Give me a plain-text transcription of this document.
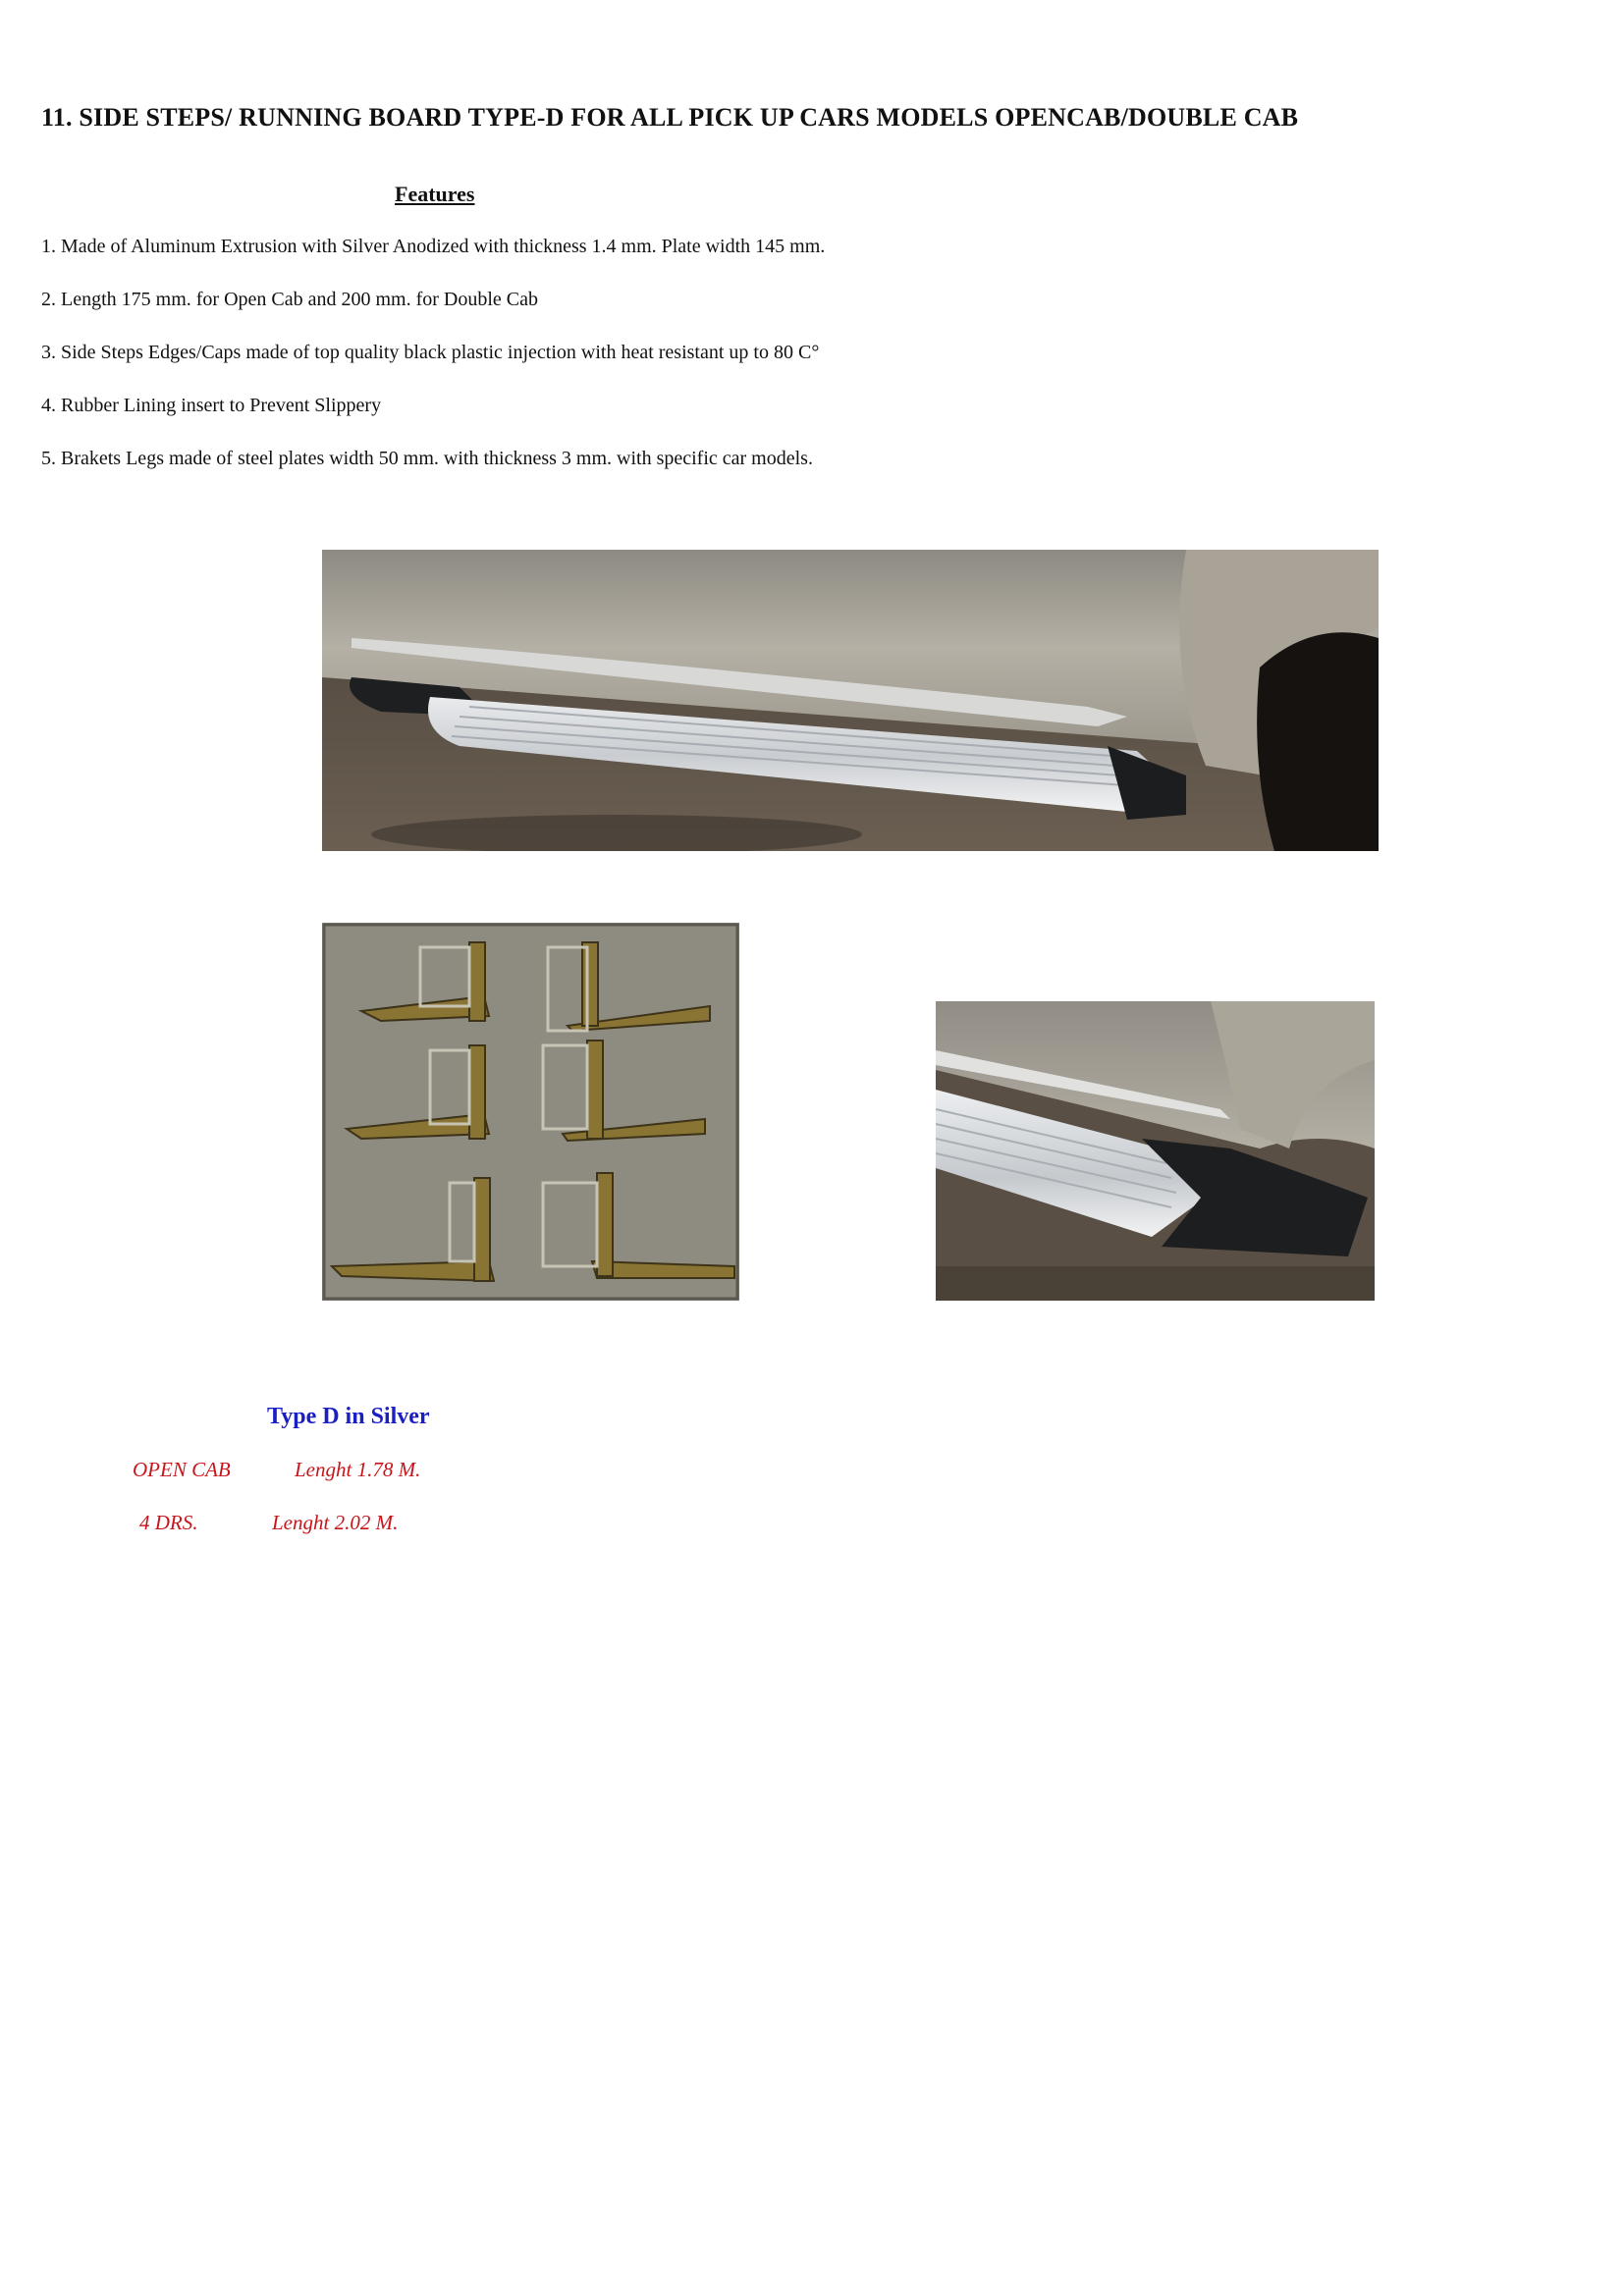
11. SIDE STEPS/ RUNNING BOARD TYPE-D FOR ALL PICK UP CARS MODELS OPENCAB/DOUBLE CAB
Features
1. Made of Aluminum Extrusion with Silver Anodized with thickness 1.4 mm. Plate width 145 mm.
2. Length 175 mm. for Open Cab and 200 mm. for Double Cab
3. Side Steps Edges/Caps made of top quality black plastic injection with heat resistant up to 80 C°
4. Rubber Lining insert to Prevent Slippery
5. Brakets Legs made of steel plates width 50 mm. with thickness 3 mm. with specific car models.
Type D in Silver
OPEN CAB	Lenght 1.78 M.
4 DRS.	Lenght 2.02 M.
